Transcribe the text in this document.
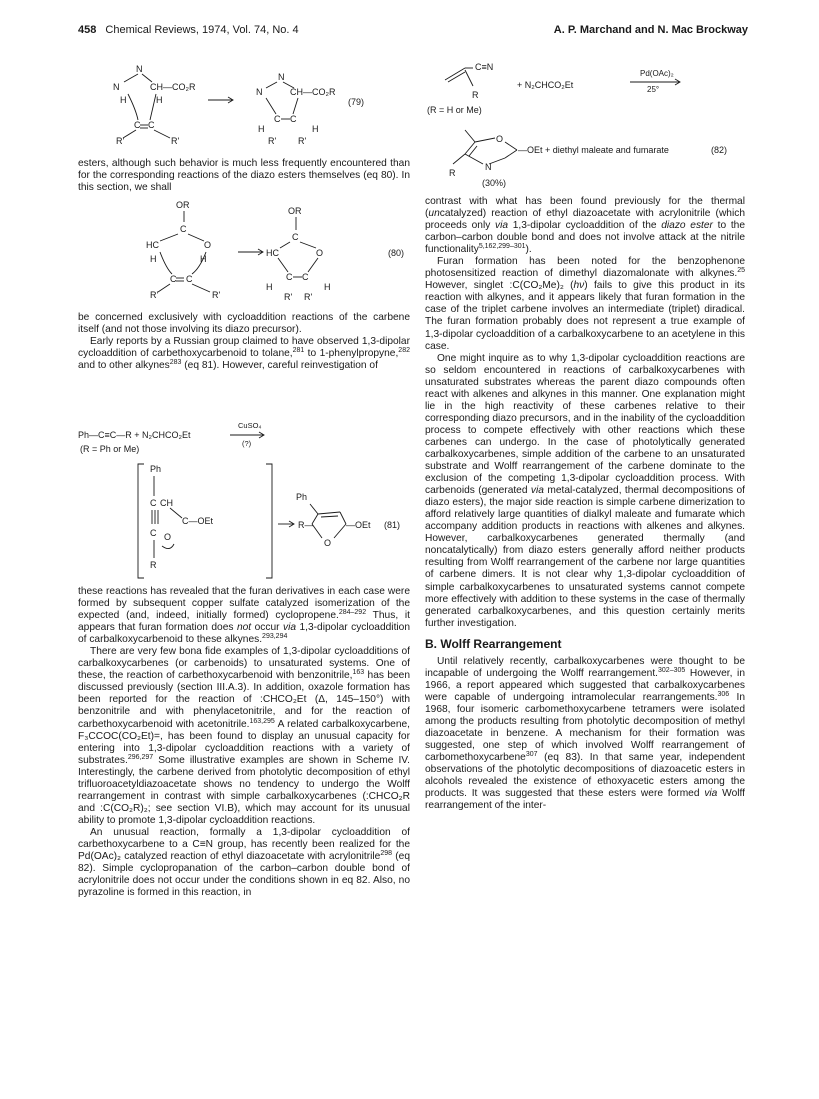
458 Chemical Reviews, 1974, Vol. 74, No. 4	A. P. Marchand and N. Mac Brockway
N
N	CH—CO₂R
H	H
C C
R'	R'
N
N	CH—CO₂R
C C
H	H
R' R'
(79)
C≡N
R
+ N₂CHCO₂Et
Pd(OAc)₂
25°
(R = H or Me)
O
N
R
—OEt + diethyl maleate and fumarate	(82)
(30%)
OR
C
HC	O
H	H
C C
R'	R'
OR
C
HC	O
C C
H	H
R' R'
(80)
Ph—C≡C—R + N₂CHCO₂Et
CuSO₄
(?)
(R = Ph or Me)
Ph
C CH
C—OEt
C O
R
R—
Ph
O
—OEt (81)

esters, although such behavior is much less frequently encountered than for the corresponding reactions of the diazo esters themselves (eq 80). In this section, we shall

be concerned exclusively with cycloaddition reactions of the carbene itself (and not those involving its diazo precursor).

Early reports by a Russian group claimed to have observed 1,3-dipolar cycloaddition of carbethoxycarbenoid to tolane,$^{281}$ to 1-phenylpropyne,$^{282}$ and to other alkynes$^{283}$ (eq 81). However, careful reinvestigation of

these reactions has revealed that the furan derivatives in each case were formed by subsequent copper sulfate catalyzed isomerization of the expected (and, indeed, initially formed) cyclopropene.$^{284-292}$ Thus, it appears that furan formation does not occur via 1,3-dipolar cycloaddition of carbalkoxycarbenoid to these alkynes.$^{293,294}$

There are very few bona fide examples of 1,3-dipolar cycloadditions of carbalkoxycarbenes (or carbenoids) to unsaturated systems. One of these, the reaction of carbethoxycarbenoid with benzonitrile,$^{163}$ has been discussed previously (section III.A.3). In addition, oxazole formation has been reported for the reaction of :CHCO₂Et (Δ, 145–150°) with benzonitrile and with phenylacetonitrile, and for the reaction of carbethoxycarbenoid with acetonitrile.$^{163,295}$ A related carbalkoxycarbene, F₃CCOC(CO₂Et)=, has been found to display an unusual capacity for entering into 1,3-dipolar cycloaddition reactions with a variety of substrates.$^{296,297}$ Some illustrative examples are shown in Scheme IV. Interestingly, the carbene derived from photolytic decomposition of ethyl trifluoroacetyldiazoacetate shows no tendency to undergo the Wolff rearrangement in contrast with simple carbalkoxycarbenes (:CHCO₂R and :C(CO₂R)₂; see section VI.B), which may account for its unusual ability to promote 1,3-dipolar cycloaddition reactions.

An unusual reaction, formally a 1,3-dipolar cycloaddition of carbethoxycarbene to a C≡N group, has recently been realized for the Pd(OAc)₂ catalyzed reaction of ethyl diazoacetate with acrylonitrile$^{298}$ (eq 82). Simple cyclopropanation of the carbon–carbon double bond of acrylonitrile does not occur under the conditions shown in eq 82. Also, no pyrazoline is formed in this reaction, in

contrast with what has been found previously for the thermal (uncatalyzed) reaction of ethyl diazoacetate with acrylonitrile (which proceeds only via 1,3-dipolar cycloaddition of the diazo ester to the carbon–carbon double bond and does not involve attack at the nitrile functionality$^{5,162,299-301}$).

Furan formation has been noted for the benzophenone photosensitized reaction of dimethyl diazomalonate with alkynes.$^{25}$ However, singlet :C(CO₂Me)₂ (hν) fails to give this product in its reaction with alkynes, and it appears likely that furan formation in the case of the triplet carbene involves an intermediate (triplet) diradical. The furan formation probably does not represent a true example of 1,3-dipolar cycloaddition of a carbalkoxycarbene to an acetylene in this case.

One might inquire as to why 1,3-dipolar cycloaddition reactions are so seldom encountered in reactions of carbalkoxycarbenes with unsaturated substrates whereas the parent diazo compounds often react with alkenes and alkynes in this manner. One explanation might lie in the high reactivity of these carbenes relative to their corresponding diazo precursors, and in the inability of the cycloaddition process to compete effectively with other reactions which these carbenes can undergo. In the case of photolytically generated carbalkoxycarbenes, simple addition of the carbene to an unsaturated substrate and Wolff rearrangement of the carbene dominate to the exclusion of the competing 1,3-dipolar cycloaddition process. With carbenoids (generated via metal-catalyzed, thermal decompositions of diazo esters), the major side reaction is simple carbene dimerization to afford relatively large quantities of dialkyl maleate and fumarate which accompany addition products in reactions with alkenes and alkynes. However, carbalkoxycarbenes generated thermally (and noncatalytically) from diazo esters generally afford neither products resulting from Wolff rearrangement of the carbene nor large quantities of carbene dimers. It is not clear why 1,3-dipolar cycloaddition of simple carbalkoxycarbenes to unsaturated systems cannot compete more effectively with addition to these systems in the case of thermally generated carbalkoxycarbenes, and this question certainly merits further investigation.

B. Wolff Rearrangement

Until relatively recently, carbalkoxycarbenes were thought to be incapable of undergoing the Wolff rearrangement.$^{302-305}$ However, in 1966, a report appeared which suggested that carbalkoxycarbenes were capable of undergoing intramolecular rearrangements.$^{306}$ In 1968, four isomeric carbomethoxycarbene tetramers were isolated among the products resulting from photolytic decomposition of methyl diazoacetate in benzene. A mechanism for their formation was suggested, one step of which involved Wolff rearrangement of carbomethoxycarbene$^{307}$ (eq 83). In that same year, independent observations of the photolytic decompositions of diazoacetic esters in alcohols revealed the existence of ethoxyacetic esters among the products. It was suggested that these esters were formed via Wolff rearrangement of the inter-
